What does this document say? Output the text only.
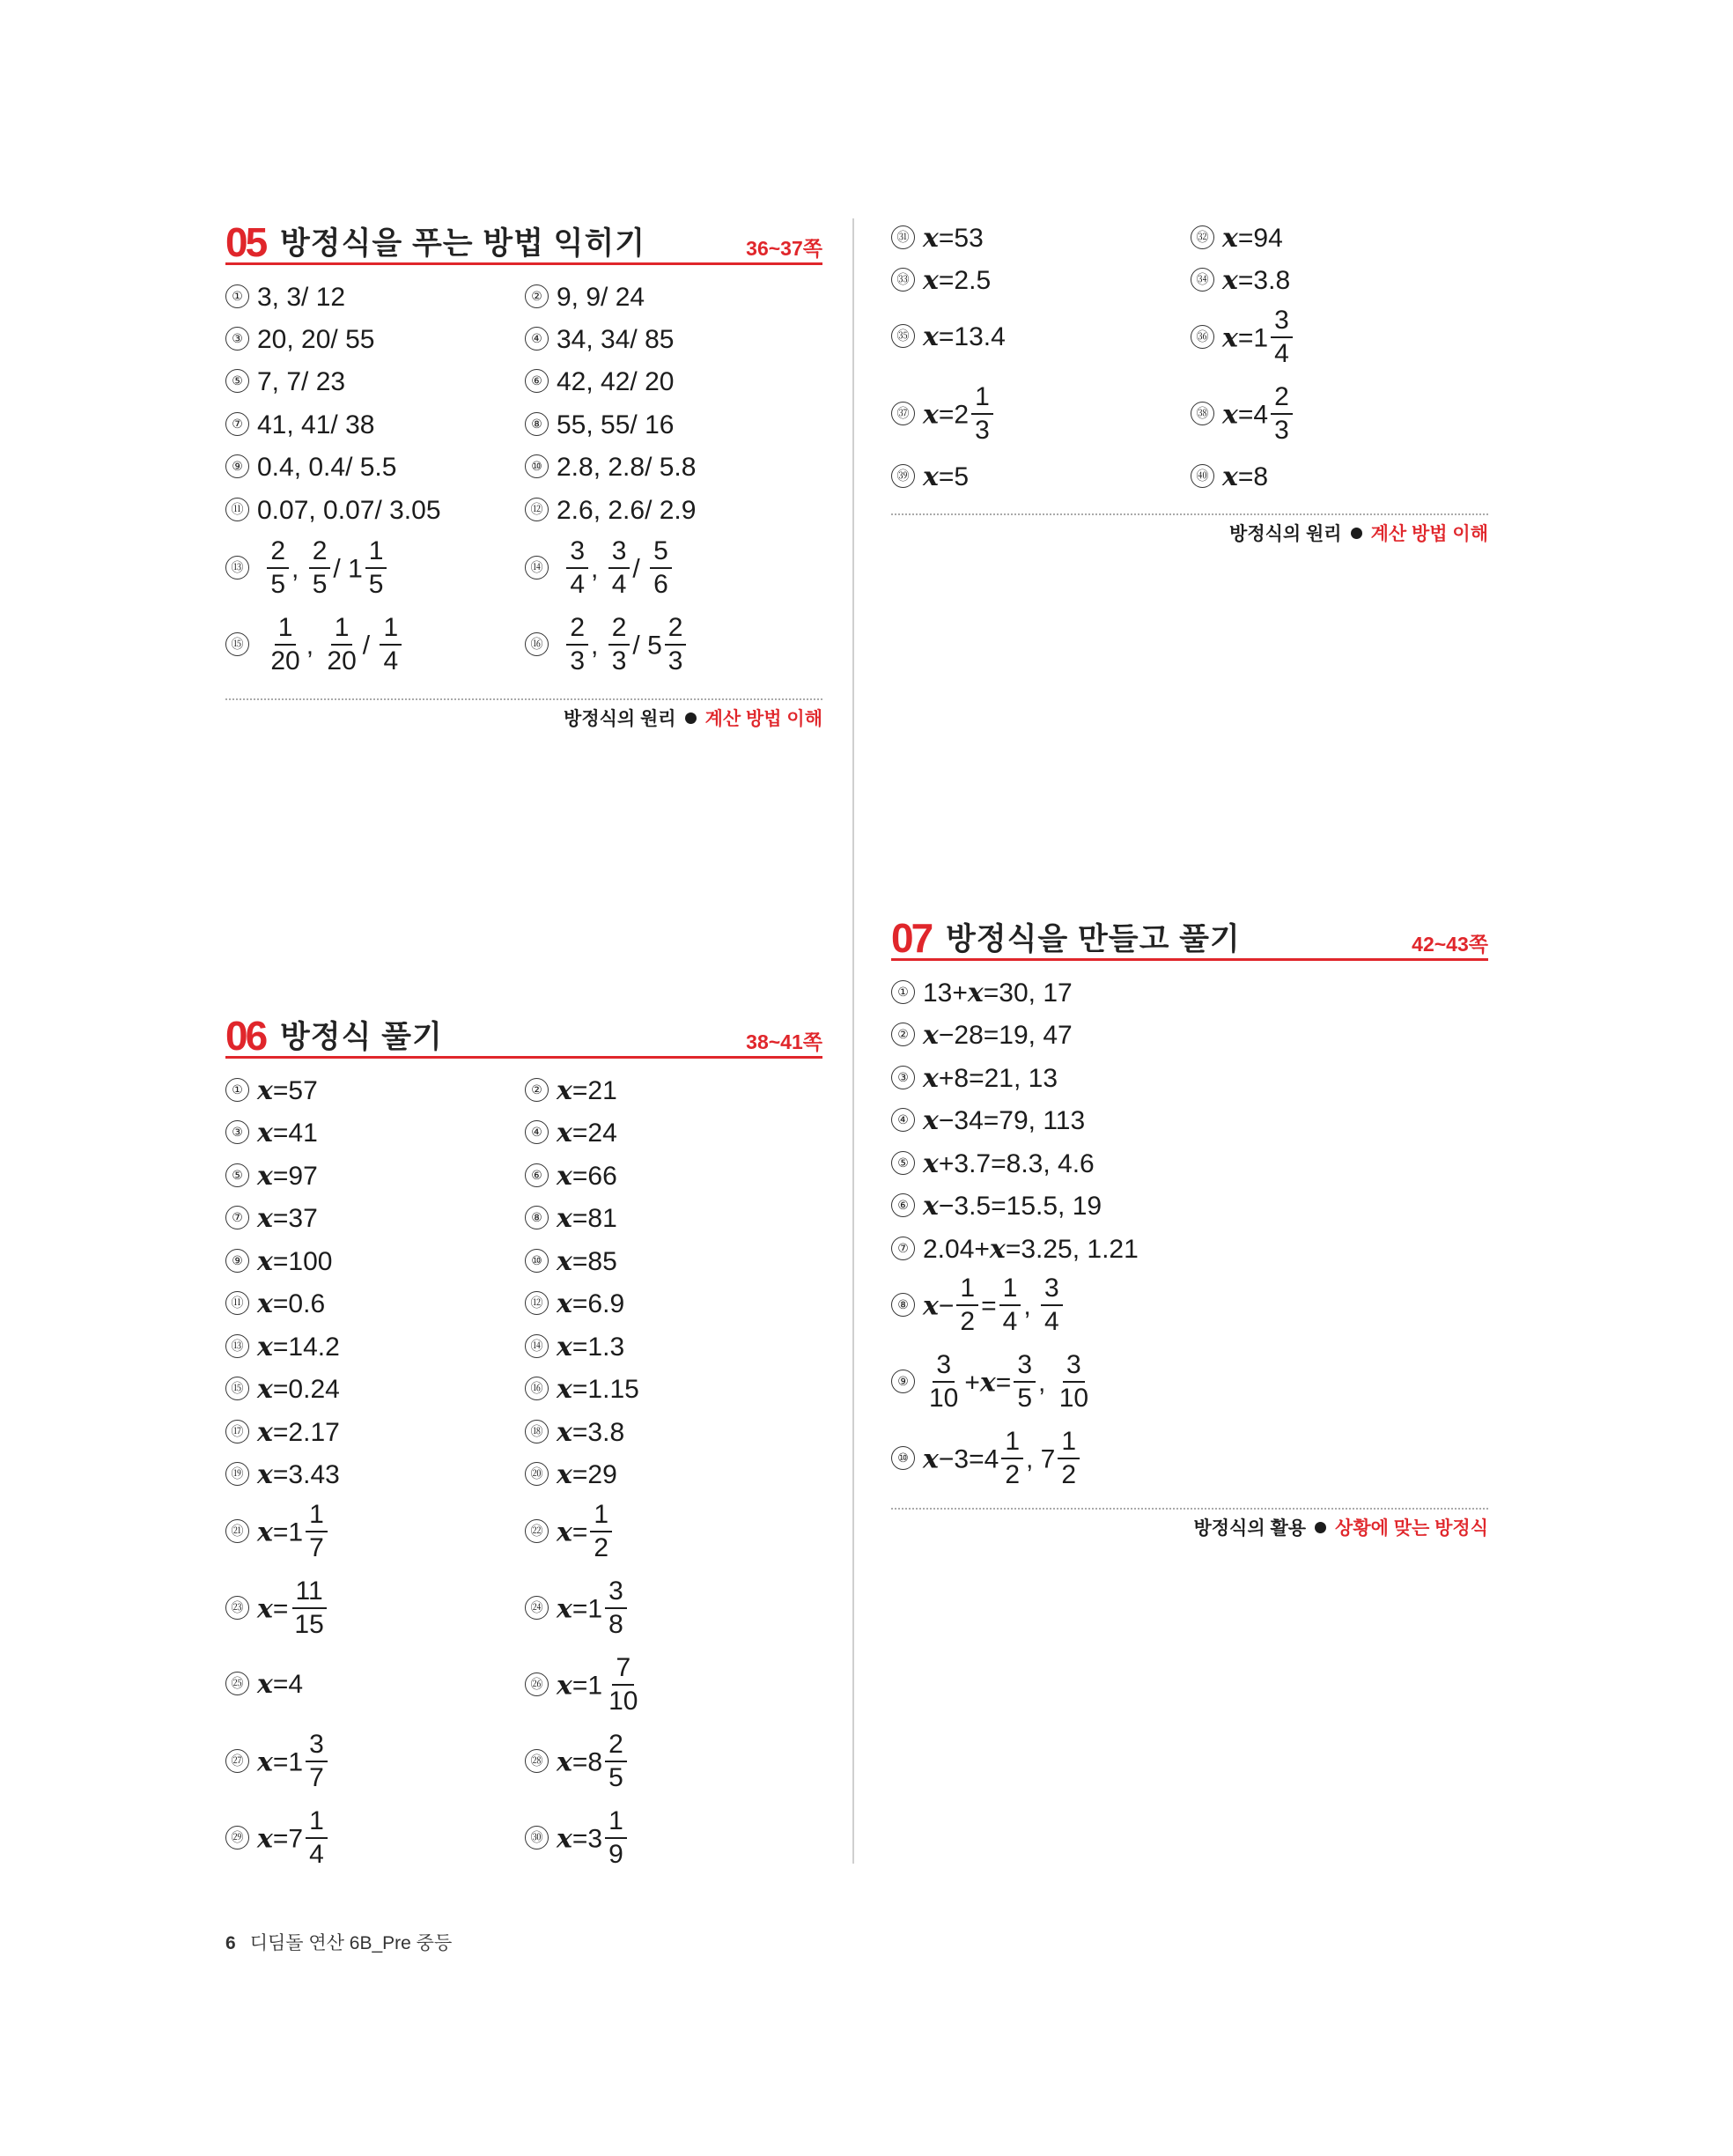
05 방정식을 푸는 방법 익히기	36~37쪽
① 3, 3/ 12	② 9, 9/ 24
③ 20, 20/ 55	④ 34, 34/ 85
⑤ 7, 7/ 23	⑥ 42, 42/ 20
⑦ 41, 41/ 38	⑧ 55, 55/ 16
⑨ 0.4, 0.4/ 5.5	⑩ 2.8, 2.8/ 5.8
⑪ 0.07, 0.07/ 3.05	⑫ 2.6, 2.6/ 2.9
⑬ $\frac{2}{5}$ , $\frac{2}{5} / 1 \frac{1}{5}$	⑭ $\frac{3}{4}$ , $\frac{3}{4} / \frac{5}{6}$
⑮ $\frac{1}{20}$ , $\frac{1}{20} / \frac{1}{4}$	⑯ $\frac{2}{3}$ , $\frac{2}{3} / 5 \frac{2}{3}$
방정식의 원리 계산 방법 이해
06 방정식 풀기	38~41쪽
① x=57	② x=21
③ x=41	④ x=24
⑤ x=97	⑥ x=66
⑦ x=37	⑧ x=81
⑨ x=100	⑩ x=85
⑪ x=0.6	⑫ x=6.9
⑬ x=14.2	⑭ x=1.3
⑮ x=0.24	⑯ x=1.15
⑰ x=2.17	⑱ x=3.8
⑲ x=3.43	⑳ x=29
㉑ $x=1 \frac{1}{7}$	㉒ $x= \frac{1}{2}$
㉓ $x= \frac{11}{15}$	㉔ $x=1 \frac{3}{8}$
㉕ x=4	㉖ $x=1 \frac{7}{10}$
㉗ $x=1 \frac{3}{7}$	㉘ $x=8 \frac{2}{5}$
㉙ $x=7 \frac{1}{4}$	㉚ $x=3 \frac{1}{9}$
㉛ x=53	㉜ x=94
㉝ x=2.5	㉞ x=3.8
㉟ x=13.4	㊱ $x=1 \frac{3}{4}$
㊲ $x=2 \frac{1}{3}$	㊳ $x=4 \frac{2}{3}$
㊴ x=5	㊵ x=8
방정식의 원리 계산 방법 이해
07 방정식을 만들고 풀기	42~43쪽
① 13+x=30, 17
② x−28=19, 47
③ x+8=21, 13
④ x−34=79, 113
⑤ x+3.7=8.3, 4.6
⑥ x−3.5=15.5, 19
⑦ 2.04+x=3.25, 1.21
⑧ $x- \frac{1}{2} = \frac{1}{4}$ , $\frac{3}{4}$
⑨ $\frac{3}{10} +x= \frac{3}{5}$ , $\frac{3}{10}$
⑩ $x-3=4 \frac{1}{2}$ , $7 \frac{1}{2}$
방정식의 활용 상황에 맞는 방정식
6 디딤돌 연산 6B_Pre 중등
